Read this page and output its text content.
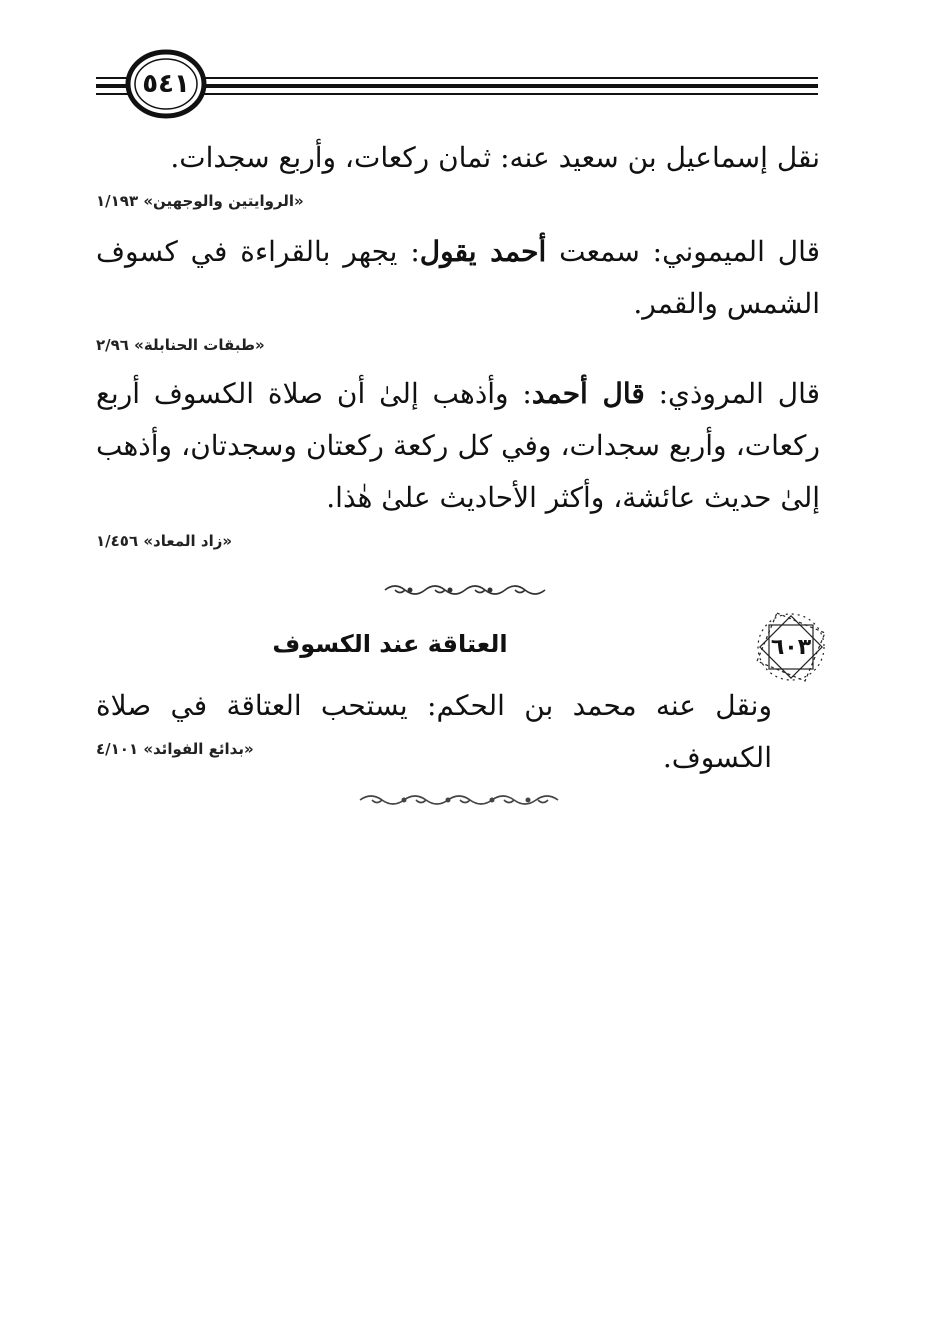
٥٤١
نقل إسماعيل بن سعيد عنه: ثمان ركعات، وأربع سجدات.
«الروايتين والوجهين» ١/١٩٣
قال الميموني: سمعت أحمد يقول: يجهر بالقراءة في كسوف الشمس والقمر.
«طبقات الحنابلة» ٢/٩٦
قال المروذي: قال أحمد: وأذهب إلىٰ أن صلاة الكسوف أربع ركعات، وأربع سجدات، وفي كل ركعة ركعتان وسجدتان، وأذهب إلىٰ حديث عائشة، وأكثر الأحاديث علىٰ هٰذا.
«زاد المعاد» ١/٤٥٦
٦٠٣
العتاقة عند الكسوف
ونقل عنه محمد بن الحكم: يستحب العتاقة في صلاة الكسوف.
«بدائع الفوائد» ٤/١٠١
